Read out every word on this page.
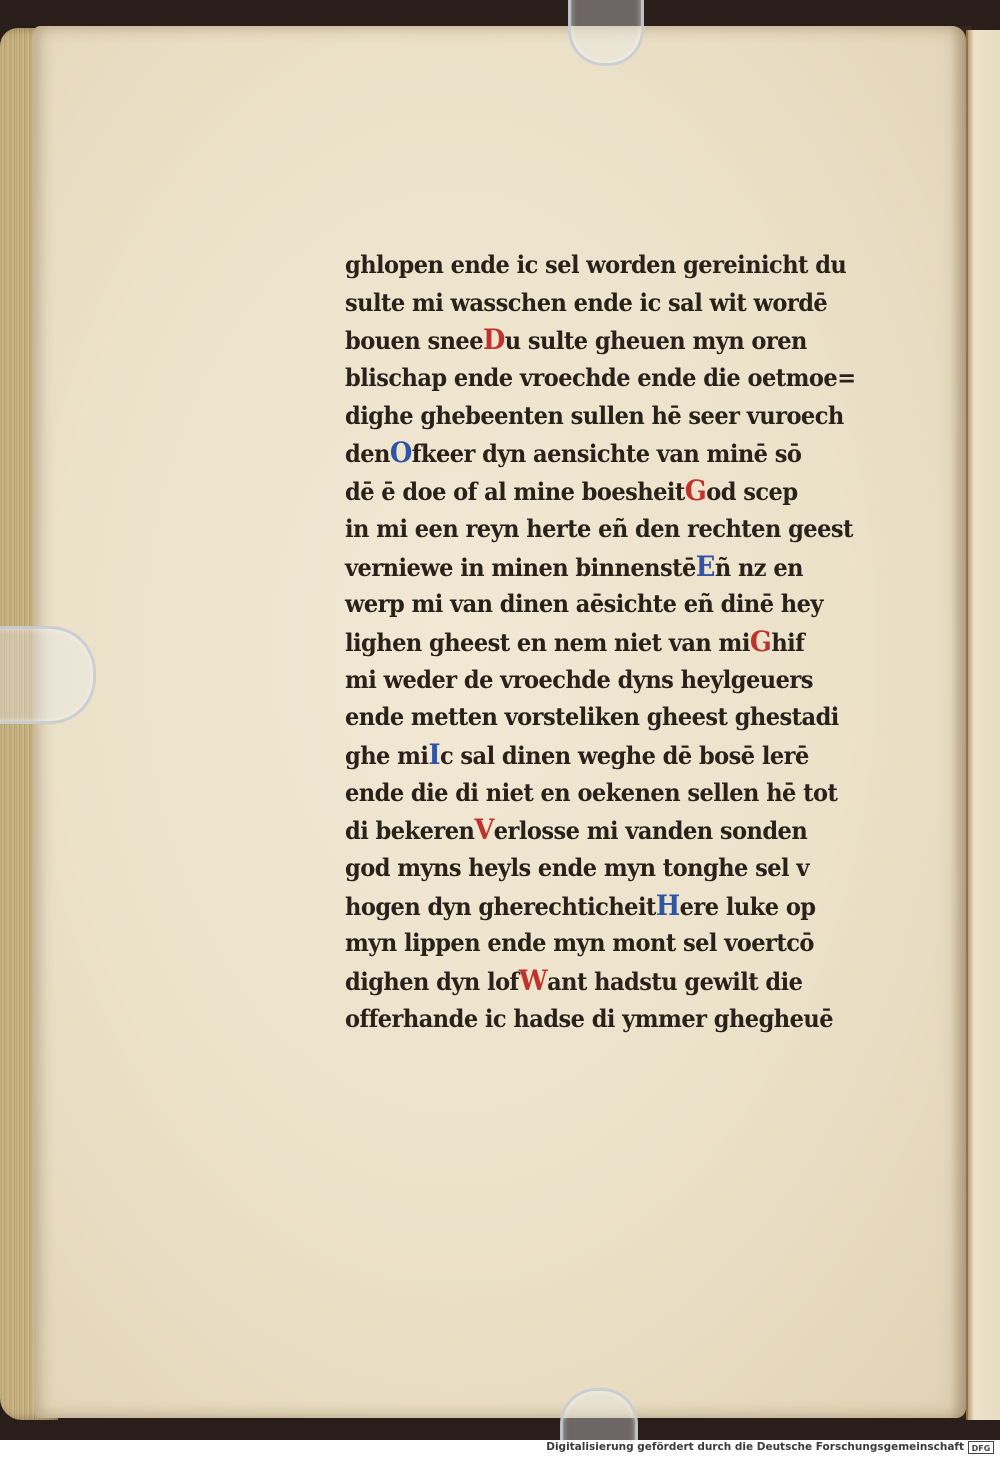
ghlopen ende ic sel worden gereinicht du
sulte mi wasschen ende ic sal wit wordē
bouen sneeDu sulte gheuen myn oren
blischap ende vroechde ende die oetmoe=
dighe ghebeenten sullen hē seer vuroech
denOfkeer dyn aensichte van minē sō
dē ē doe of al mine boesheitGod scep
in mi een reyn herte eñ den rechten geest
verniewe in minen binnenstēEñ nz en
werp mi van dinen aēsichte eñ dinē hey
lighen gheest en nem niet van miGhif
mi weder de vroechde dyns heylgeuers
ende metten vorsteliken gheest ghestadi
ghe miIc sal dinen weghe dē bosē lerē
ende die di niet en oekenen sellen hē tot
di bekerenVerlosse mi vanden sonden
god myns heyls ende myn tonghe sel v
hogen dyn gherechticheitHere luke op
myn lippen ende myn mont sel voertcō
dighen dyn lofWant hadstu gewilt die
offerhande ic hadse di ymmer ghegheuē
Digitalisierung gefördert durch die Deutsche Forschungsgemeinschaft DFG
